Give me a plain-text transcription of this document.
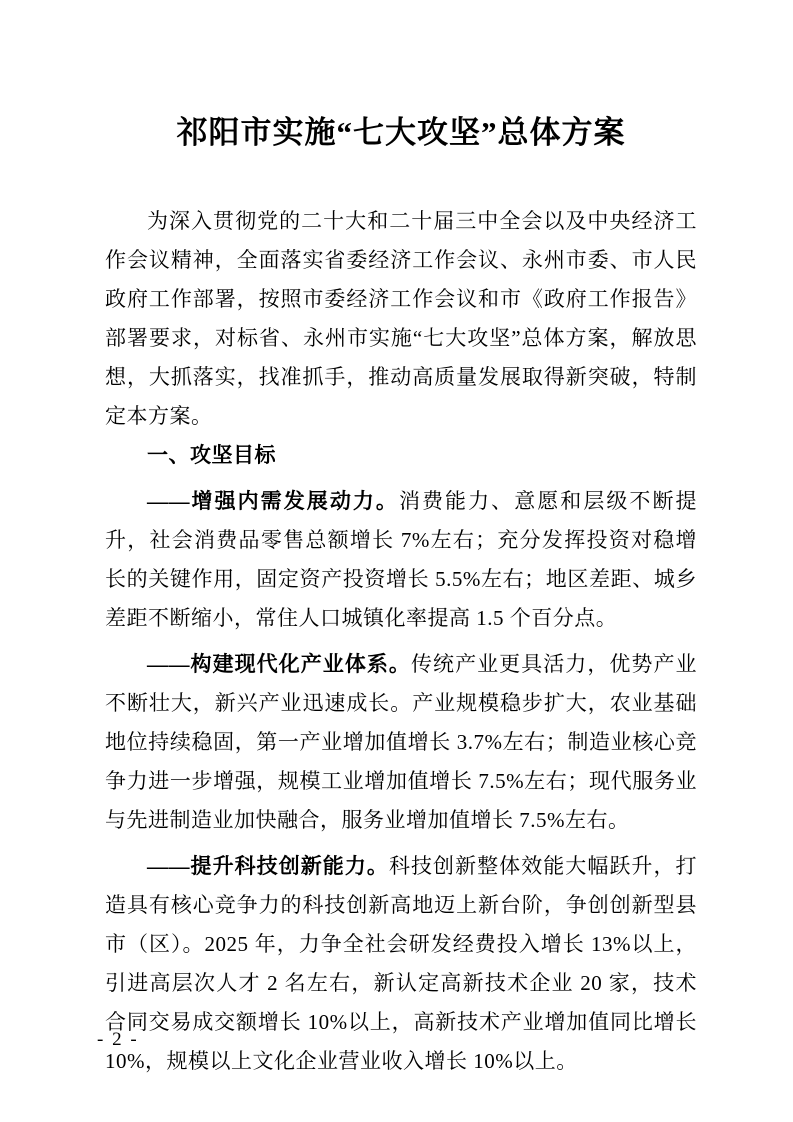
祁阳市实施“七大攻坚”总体方案

为深入贯彻党的二十大和二十届三中全会以及中央经济工作会议精神，全面落实省委经济工作会议、永州市委、市人民政府工作部署，按照市委经济工作会议和市《政府工作报告》部署要求，对标省、永州市实施“七大攻坚”总体方案，解放思想，大抓落实，找准抓手，推动高质量发展取得新突破，特制定本方案。

一、攻坚目标

——增强内需发展动力。消费能力、意愿和层级不断提升，社会消费品零售总额增长 7%左右；充分发挥投资对稳增长的关键作用，固定资产投资增长 5.5%左右；地区差距、城乡差距不断缩小，常住人口城镇化率提高 1.5 个百分点。

——构建现代化产业体系。传统产业更具活力，优势产业不断壮大，新兴产业迅速成长。产业规模稳步扩大，农业基础地位持续稳固，第一产业增加值增长 3.7%左右；制造业核心竞争力进一步增强，规模工业增加值增长 7.5%左右；现代服务业与先进制造业加快融合，服务业增加值增长 7.5%左右。

——提升科技创新能力。科技创新整体效能大幅跃升，打造具有核心竞争力的科技创新高地迈上新台阶，争创创新型县市（区）。2025 年，力争全社会研发经费投入增长 13%以上，引进高层次人才 2 名左右，新认定高新技术企业 20 家，技术合同交易成交额增长 10%以上，高新技术产业增加值同比增长 10%，规模以上文化企业营业收入增长 10%以上。

- 2 -
